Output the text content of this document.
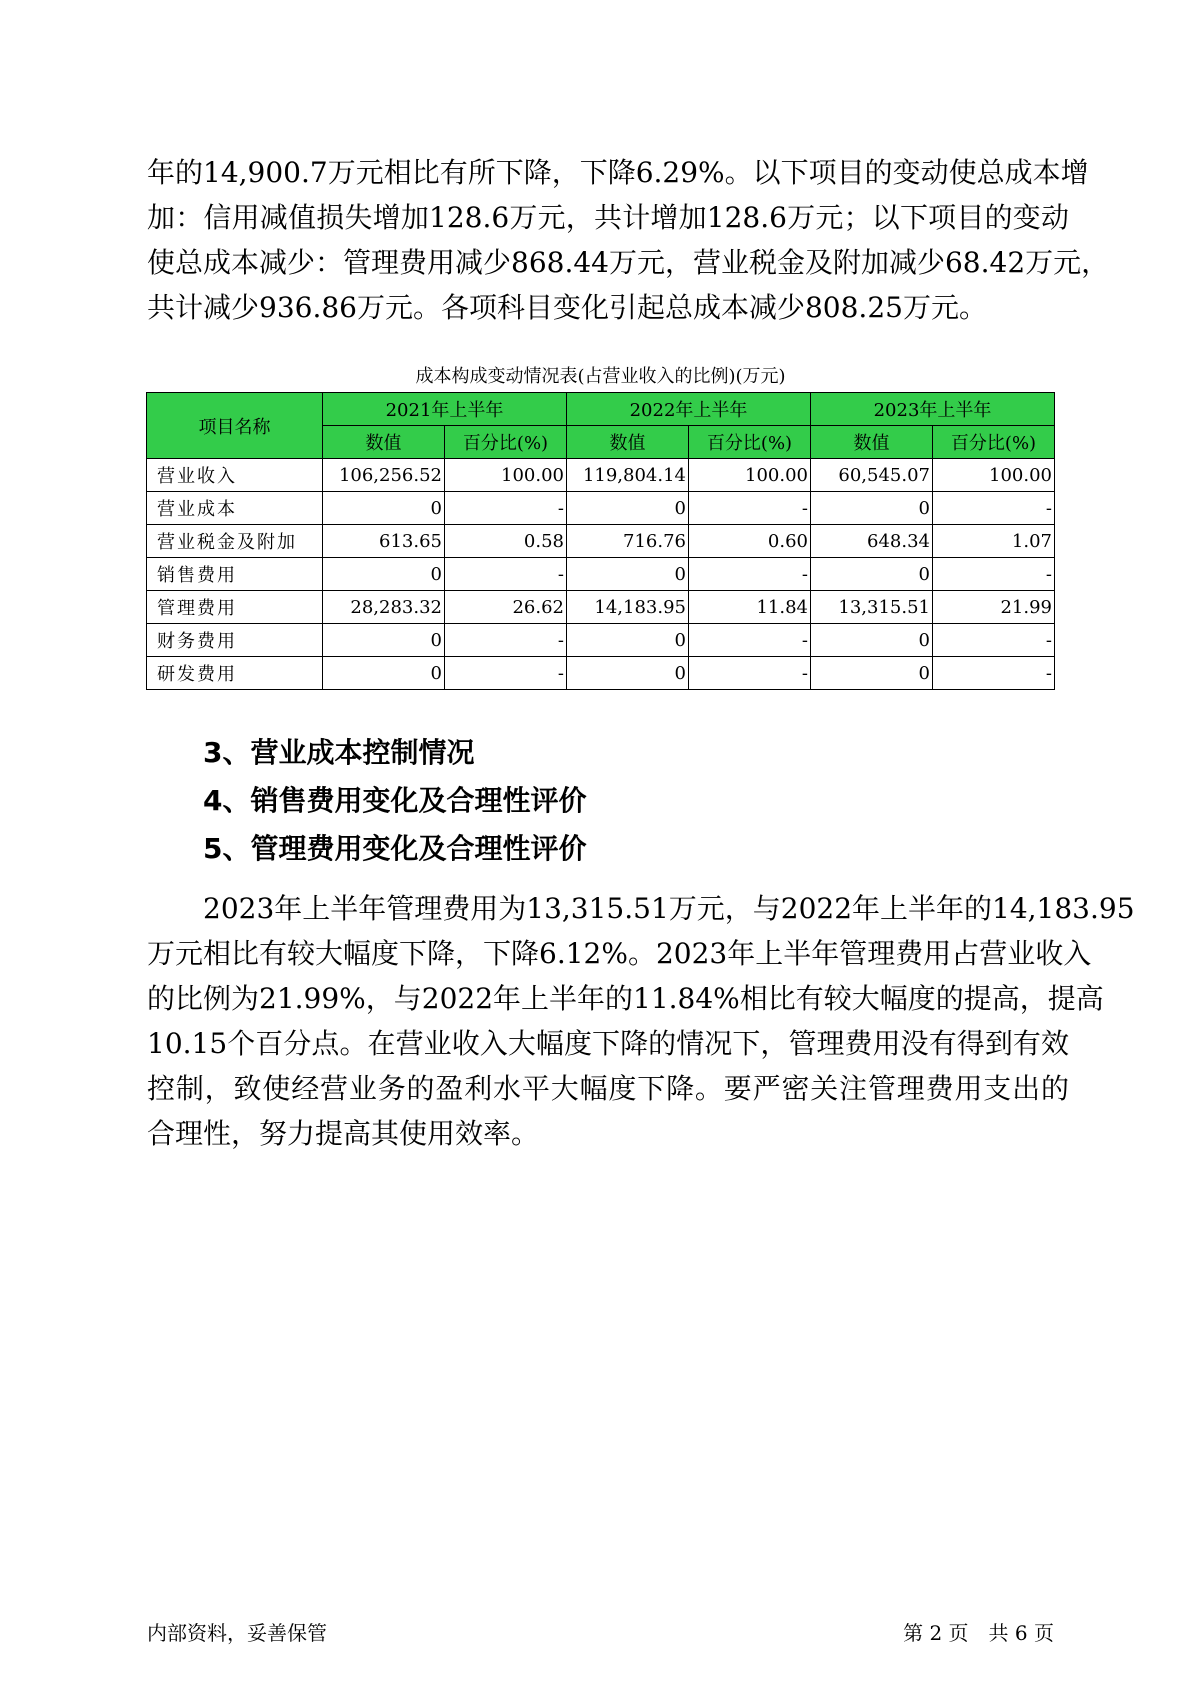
年的14,900.7万元相比有所下降，下降6.29%。以下项目的变动使总成本增
加：信用减值损失增加128.6万元，共计增加128.6万元；以下项目的变动
使总成本减少：管理费用减少868.44万元，营业税金及附加减少68.42万元，
共计减少936.86万元。各项科目变化引起总成本减少808.25万元。

成本构成变动情况表(占营业收入的比例)(万元)
项目名称	2021年上半年		2022年上半年		2023年上半年	
	数值	百分比(%)	数值	百分比(%)	数值	百分比(%)
营业收入	106,256.52	100.00	119,804.14	100.00	60,545.07	100.00
营业成本	0	-	0	-	0	-
营业税金及附加	613.65	0.58	716.76	0.60	648.34	1.07
销售费用	0	-	0	-	0	-
管理费用	28,283.32	26.62	14,183.95	11.84	13,315.51	21.99
财务费用	0	-	0	-	0	-
研发费用	0	-	0	-	0	-
3、营业成本控制情况
4、销售费用变化及合理性评价
5、管理费用变化及合理性评价

2023年上半年管理费用为13,315.51万元，与2022年上半年的14,183.95
万元相比有较大幅度下降，下降6.12%。2023年上半年管理费用占营业收入
的比例为21.99%，与2022年上半年的11.84%相比有较大幅度的提高，提高
10.15个百分点。在营业收入大幅度下降的情况下，管理费用没有得到有效
控制，致使经营业务的盈利水平大幅度下降。要严密关注管理费用支出的
合理性，努力提高其使用效率。

内部资料，妥善保管	第 2 页　共 6 页
